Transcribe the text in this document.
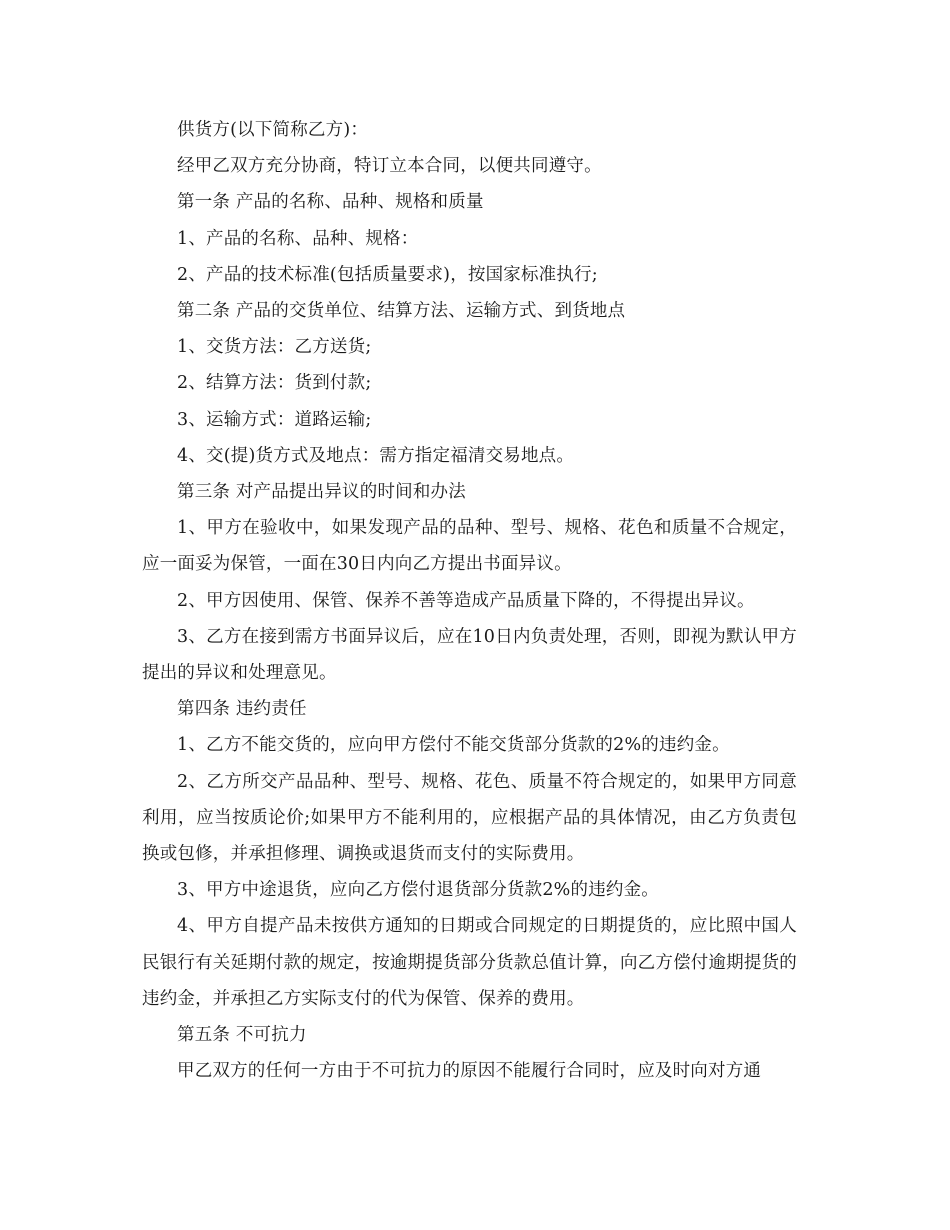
供货方(以下简称乙方)：

经甲乙双方充分协商，特订立本合同，以便共同遵守。

第一条 产品的名称、品种、规格和质量

1、产品的名称、品种、规格：

2、产品的技术标准(包括质量要求)，按国家标准执行;

第二条 产品的交货单位、结算方法、运输方式、到货地点

1、交货方法：乙方送货;

2、结算方法：货到付款;

3、运输方式：道路运输;

4、交(提)货方式及地点：需方指定福清交易地点。

第三条 对产品提出异议的时间和办法

1、甲方在验收中，如果发现产品的品种、型号、规格、花色和质量不合规定，应一面妥为保管，一面在30日内向乙方提出书面异议。

2、甲方因使用、保管、保养不善等造成产品质量下降的，不得提出异议。

3、乙方在接到需方书面异议后，应在10日内负责处理，否则，即视为默认甲方提出的异议和处理意见。

第四条 违约责任

1、乙方不能交货的，应向甲方偿付不能交货部分货款的2%的违约金。

2、乙方所交产品品种、型号、规格、花色、质量不符合规定的，如果甲方同意利用，应当按质论价;如果甲方不能利用的，应根据产品的具体情况，由乙方负责包换或包修，并承担修理、调换或退货而支付的实际费用。

3、甲方中途退货，应向乙方偿付退货部分货款2%的违约金。

4、甲方自提产品未按供方通知的日期或合同规定的日期提货的，应比照中国人民银行有关延期付款的规定，按逾期提货部分货款总值计算，向乙方偿付逾期提货的违约金，并承担乙方实际支付的代为保管、保养的费用。

第五条 不可抗力

甲乙双方的任何一方由于不可抗力的原因不能履行合同时，应及时向对方通
